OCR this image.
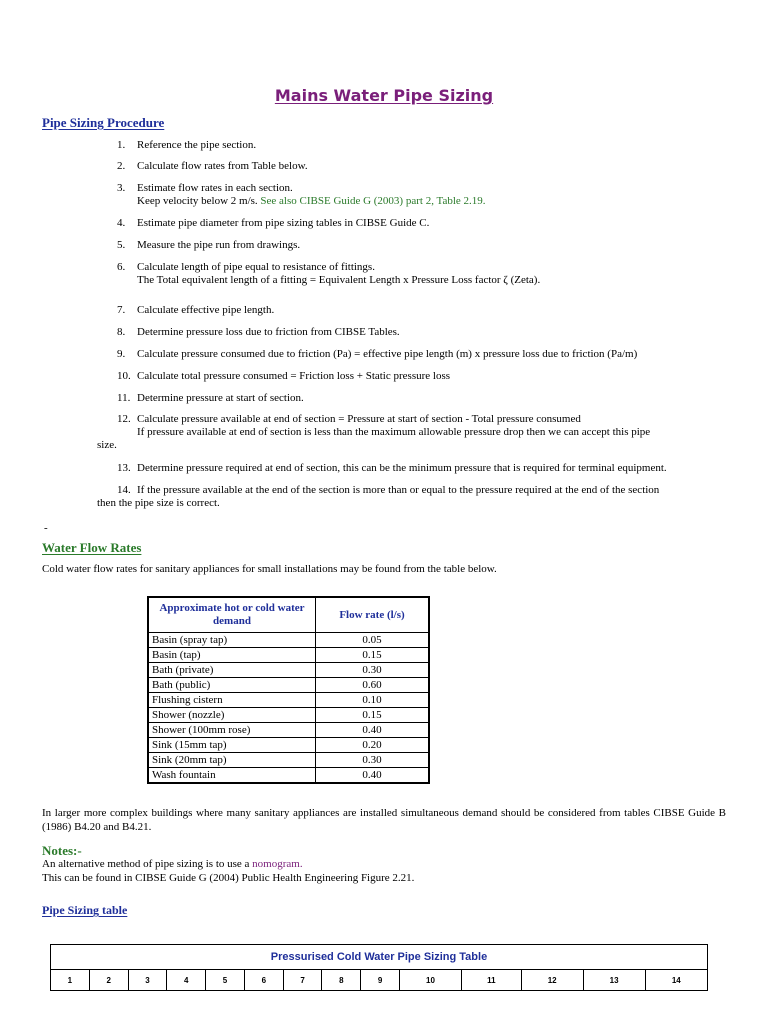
Mains Water Pipe Sizing
Pipe Sizing Procedure
1. Reference the pipe section.
2. Calculate flow rates from Table below.
3. Estimate flow rates in each section.
Keep velocity below 2 m/s. See also CIBSE Guide G (2003) part 2, Table 2.19.
4. Estimate pipe diameter from pipe sizing tables in CIBSE Guide C.
5. Measure the pipe run from drawings.
6. Calculate length of pipe equal to resistance of fittings.
The Total equivalent length of a fitting = Equivalent Length x Pressure Loss factor ζ (Zeta).
7. Calculate effective pipe length.
8. Determine pressure loss due to friction from CIBSE Tables.
9. Calculate pressure consumed due to friction (Pa) = effective pipe length (m) x pressure loss due to friction (Pa/m)
10. Calculate total pressure consumed = Friction loss + Static pressure loss
11. Determine pressure at start of section.
12. Calculate pressure available at end of section = Pressure at start of section - Total pressure consumed
If pressure available at end of section is less than the maximum allowable pressure drop then we can accept this pipe
size.
13. Determine pressure required at end of section, this can be the minimum pressure that is required for terminal equipment.
14. If the pressure available at the end of the section is more than or equal to the pressure required at the end of the section
then the pipe size is correct.
-
Water Flow Rates
Cold water flow rates for sanitary appliances for small installations may be found from the table below.
Approximate hot or cold water demand	Flow rate (l/s)
Basin (spray tap)	0.05
Basin (tap)	0.15
Bath (private)	0.30
Bath (public)	0.60
Flushing cistern	0.10
Shower (nozzle)	0.15
Shower (100mm rose)	0.40
Sink (15mm tap)	0.20
Sink (20mm tap)	0.30
Wash fountain	0.40
In larger more complex buildings where many sanitary appliances are installed simultaneous demand should be considered from tables CIBSE Guide B (1986) B4.20 and B4.21.
Notes:-
An alternative method of pipe sizing is to use a nomogram.
This can be found in CIBSE Guide G (2004) Public Health Engineering Figure 2.21.
Pipe Sizing table
Pressurised Cold Water Pipe Sizing Table
1	2	3	4	5	6	7	8	9	10	11	12	13	14
